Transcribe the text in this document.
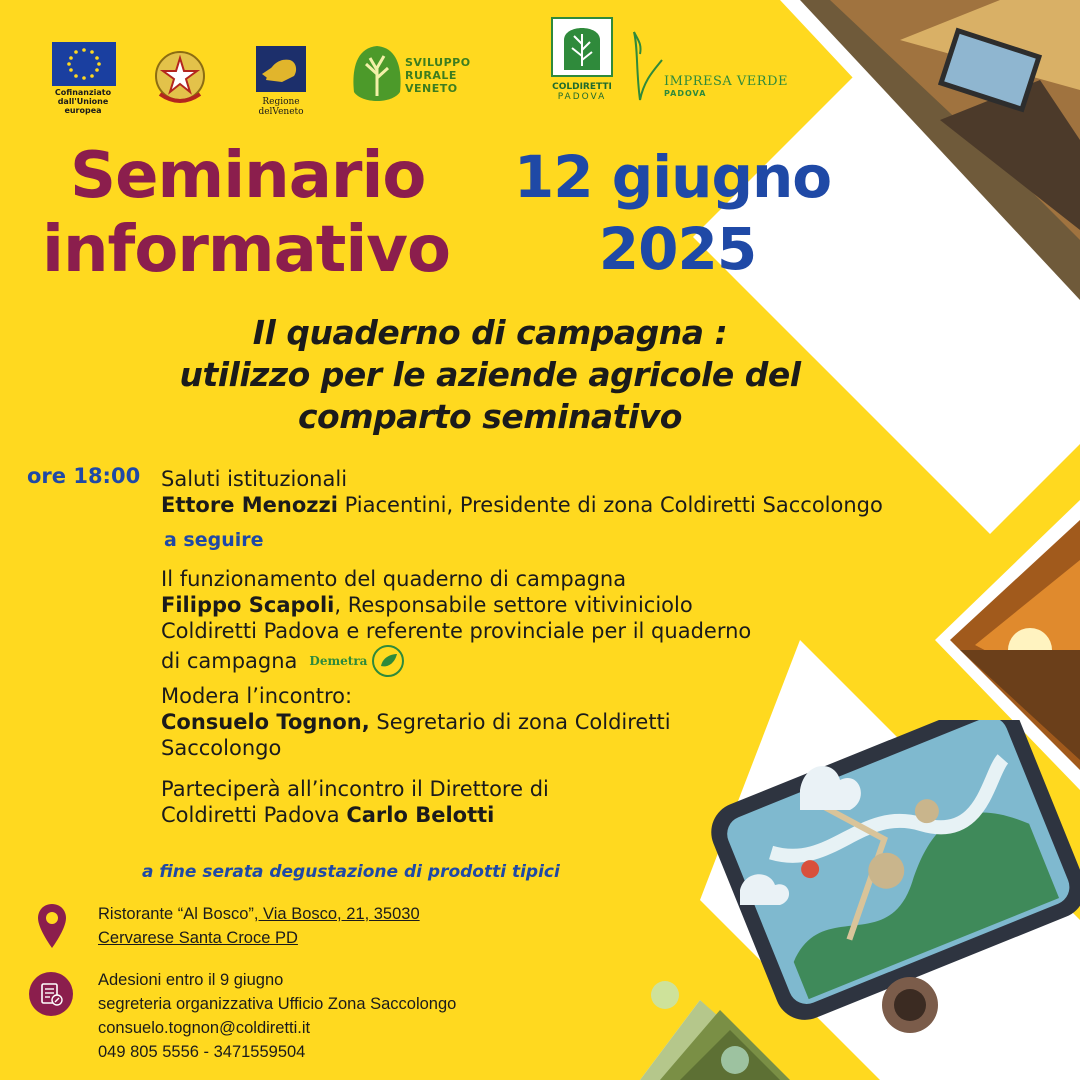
Cofinanziato dall'Unione europea
Regione delVeneto
SVILUPPO
RURALE
VENETO	COLDIRETTI
PADOVA
IMPRESA VERDE
PADOVA
Seminario
informativo
12 giugno
2025
Il quaderno di campagna :
utilizzo per le aziende agricole del
comparto seminativo
ore 18:00 Saluti istituzionali
Ettore Menozzi Piacentini, Presidente di zona Coldiretti Saccolongo
a seguire
Il funzionamento del quaderno di campagna
Filippo Scapoli, Responsabile settore vitiviniciolo
Coldiretti Padova e referente provinciale per il quaderno
di campagna Demetra
Modera l’incontro:
Consuelo Tognon, Segretario di zona Coldiretti
Saccolongo
Parteciperà all’incontro il Direttore di
Coldiretti Padova Carlo Belotti
a fine serata degustazione di prodotti tipici
Ristorante “Al Bosco”, Via Bosco, 21, 35030
Cervarese Santa Croce PD
Adesioni entro il 9 giugno
segreteria organizzativa Ufficio Zona Saccolongo
consuelo.tognon@coldiretti.it
049 805 5556 - 3471559504
